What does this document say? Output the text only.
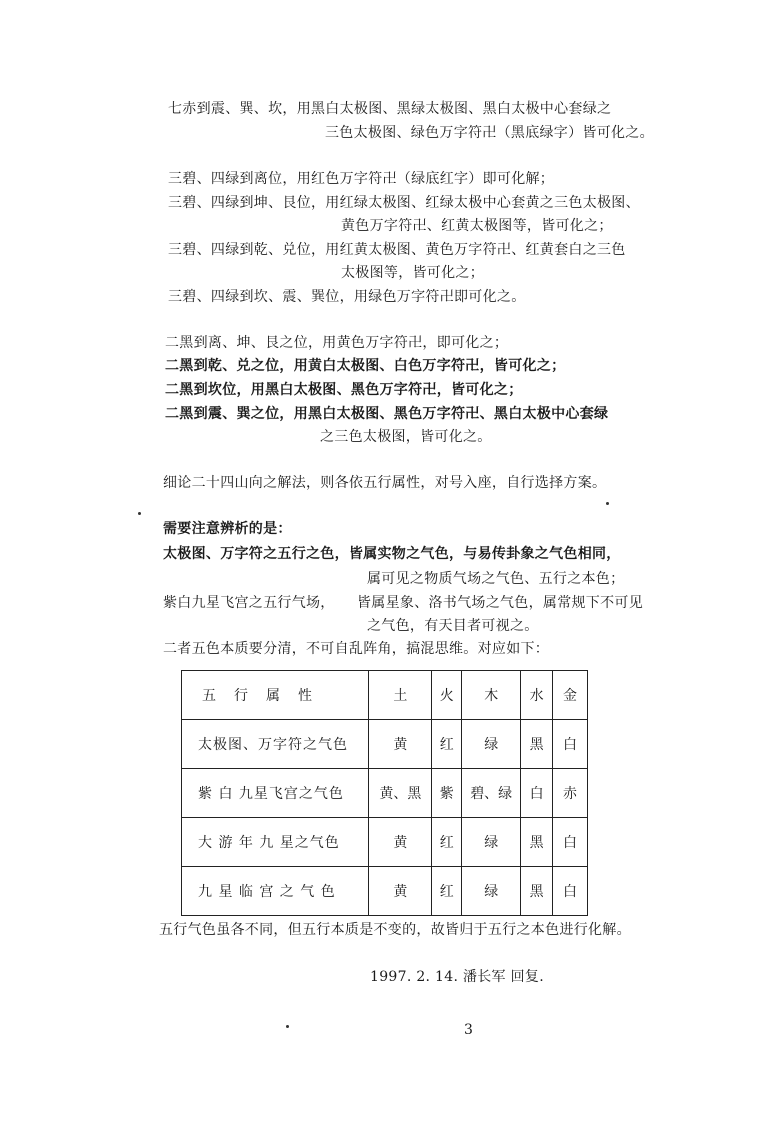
七赤到震、巽、坎，用黑白太极图、黑绿太极图、黑白太极中心套绿之
三色太极图、绿色万字符卍（黑底绿字）皆可化之。
三碧、四绿到离位，用红色万字符卍（绿底红字）即可化解；
三碧、四绿到坤、艮位，用红绿太极图、红绿太极中心套黄之三色太极图、
黄色万字符卍、红黄太极图等，皆可化之；
三碧、四绿到乾、兑位，用红黄太极图、黄色万字符卍、红黄套白之三色
太极图等，皆可化之；
三碧、四绿到坎、震、巽位，用绿色万字符卍即可化之。
二黑到离、坤、艮之位，用黄色万字符卍，即可化之；
二黑到乾、兑之位，用黄白太极图、白色万字符卍，皆可化之；
二黑到坎位，用黑白太极图、黑色万字符卍，皆可化之；
二黑到震、巽之位，用黑白太极图、黑色万字符卍、黑白太极中心套绿
之三色太极图，皆可化之。
细论二十四山向之解法，则各依五行属性，对号入座，自行选择方案。
需要注意辨析的是：
太极图、万字符之五行之色，皆属实物之气色，与易传卦象之气色相同，
属可见之物质气场之气色、五行之本色；
紫白九星飞宫之五行气场， 皆属星象、洛书气场之气色，属常规下不可见
之气色，有天目者可视之。
二者五色本质要分清，不可自乱阵角，搞混思维。对应如下：
五　行　属　性	土	火	木	水	金
太极图、万字符之气色	黄	红	绿	黑	白
紫 白 九星飞宫之气色	黄、黑	紫	碧、绿	白	赤
大 游 年 九 星之气色	黄	红	绿	黑	白
九 星 临 宫 之 气 色	黄	红	绿	黑	白
五行气色虽各不同，但五行本质是不变的，故皆归于五行之本色进行化解。
1997. 2. 14. 潘长军 回复.
3
